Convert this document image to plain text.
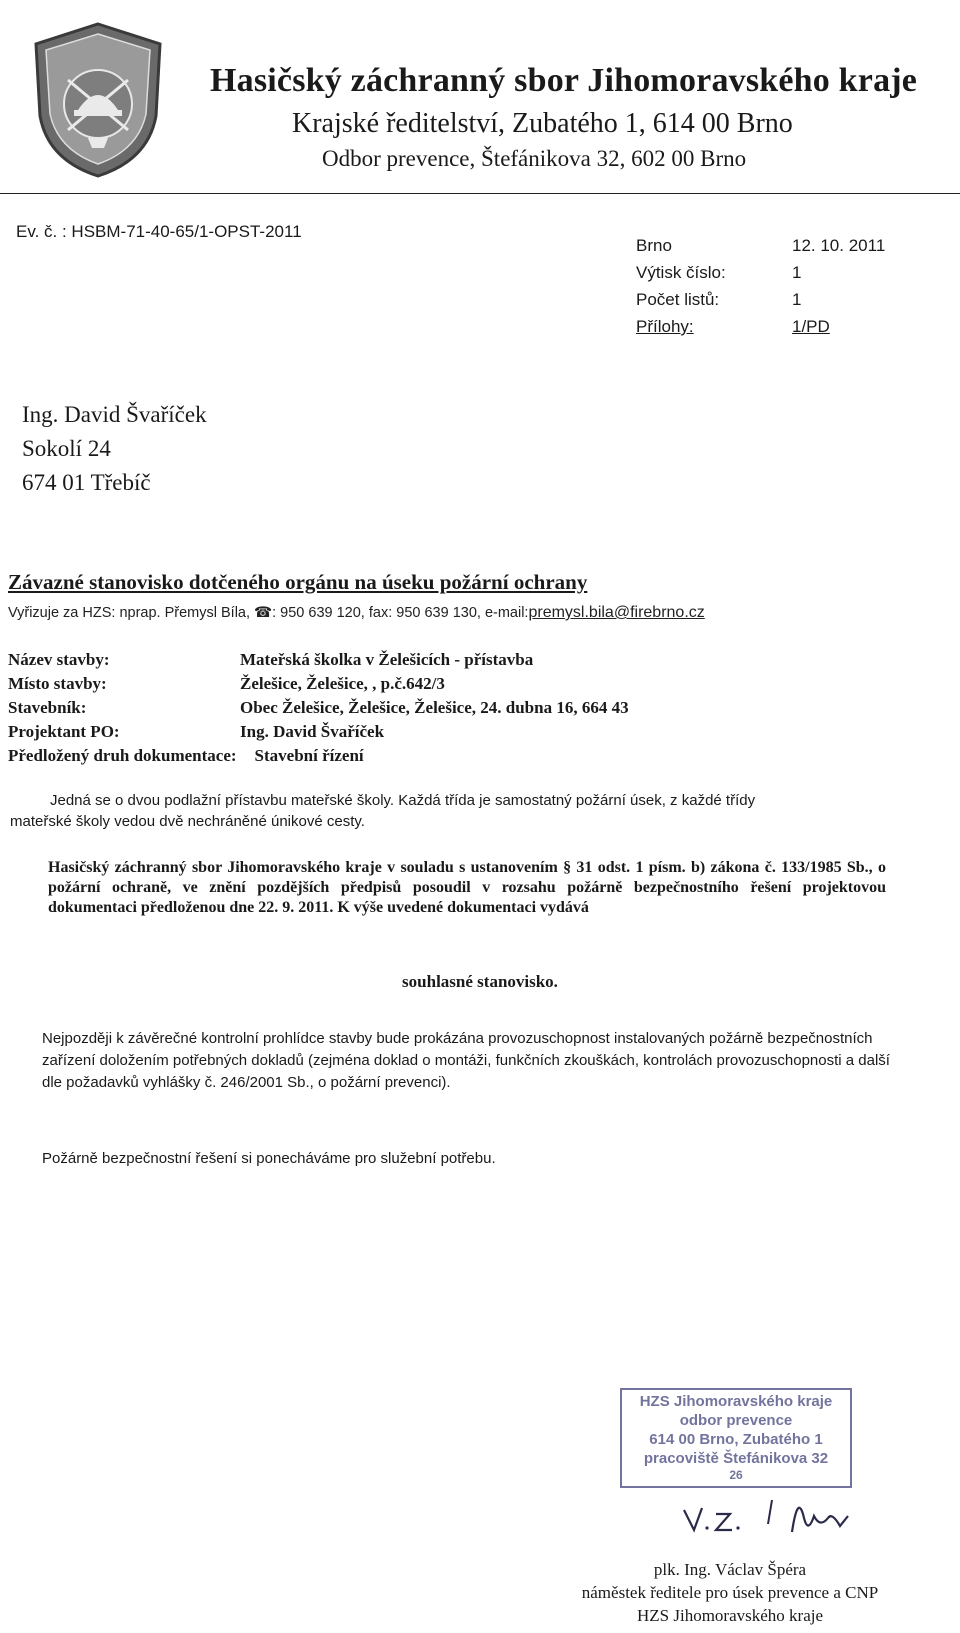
Hasičský záchranný sbor Jihomoravského kraje
Krajské ředitelství, Zubatého 1, 614 00 Brno
Odbor prevence, Štefánikova 32, 602 00 Brno
Ev. č. : HSBM-71-40-65/1-OPST-2011
Brno	12. 10. 2011
Výtisk číslo:	1
Počet listů:	1
Přílohy:	1/PD
Ing. David Švaříček
Sokolí 24
674 01 Třebíč
Závazné stanovisko dotčeného orgánu na úseku požární ochrany
Vyřizuje za HZS: nprap. Přemysl Bíla, ☎: 950 639 120, fax: 950 639 130, e-mail:premysl.bila@firebrno.cz
Název stavby:	Mateřská školka v Želešicích - přístavba
Místo stavby:	Želešice, Želešice, , p.č.642/3
Stavebník:	Obec Želešice, Želešice, Želešice, 24. dubna 16, 664 43
Projektant PO:	Ing. David Švaříček
Předložený druh dokumentace: Stavební řízení
Jedná se o dvou podlažní přístavbu mateřské školy. Každá třída je samostatný požární úsek, z každé třídy
mateřské školy vedou dvě nechráněné únikové cesty.
Hasičský záchranný sbor Jihomoravského kraje v souladu s ustanovením § 31 odst. 1 písm. b) zákona č. 133/1985 Sb., o požární ochraně, ve znění pozdějších předpisů posoudil v rozsahu požárně bezpečnostního řešení projektovou dokumentaci předloženou dne 22. 9. 2011. K výše uvedené dokumentaci vydává
souhlasné stanovisko.
Nejpozději k závěrečné kontrolní prohlídce stavby bude prokázána provozuschopnost instalovaných požárně bezpečnostních zařízení doložením potřebných dokladů (zejména doklad o montáži, funkčních zkouškách, kontrolách provozuschopnosti a další dle požadavků vyhlášky č. 246/2001 Sb., o požární prevenci).
Požárně bezpečnostní řešení si ponecháváme pro služební potřebu.
HZS Jihomoravského kraje
odbor prevence
614 00 Brno, Zubatého 1
pracoviště Štefánikova 32
26
plk. Ing. Václav Špéra
náměstek ředitele pro úsek prevence a CNP
HZS Jihomoravského kraje
